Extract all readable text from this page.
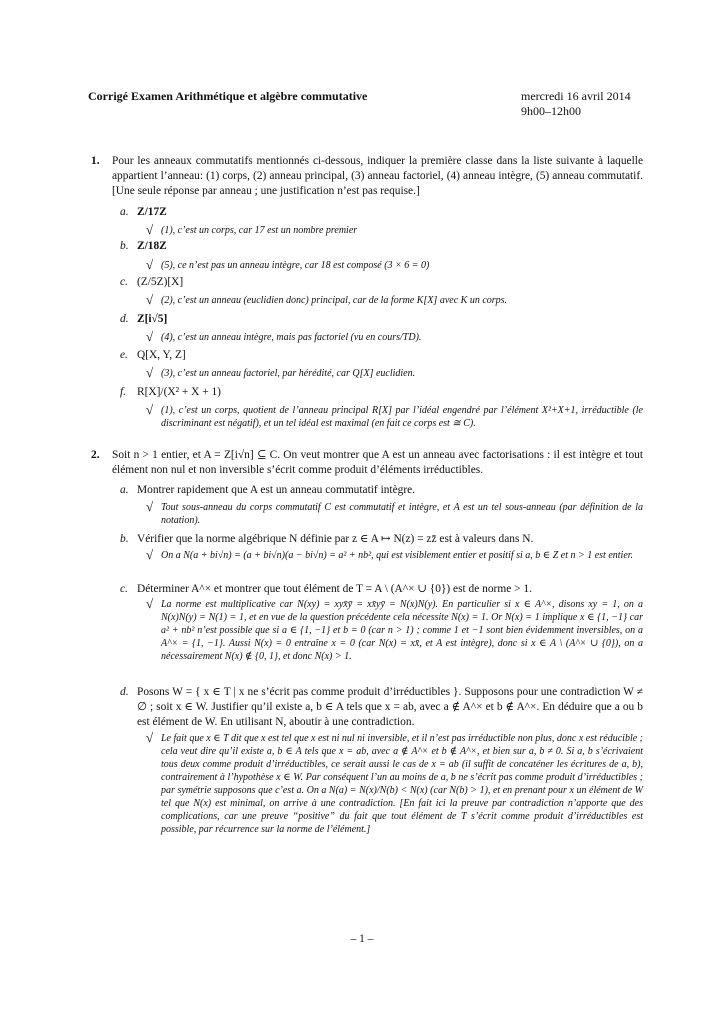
Corrigé Examen Arithmétique et algèbre commutative	mercredi 16 avril 2014
9h00–12h00
1. Pour les anneaux commutatifs mentionnés ci-dessous, indiquer la première classe dans la liste suivante à laquelle appartient l’anneau: (1) corps, (2) anneau principal, (3) anneau factoriel, (4) anneau intègre, (5) anneau commutatif. [Une seule réponse par anneau ; une justification n’est pas requise.]
a. Z/17Z
√ (1), c’est un corps, car 17 est un nombre premier
b. Z/18Z
√ (5), ce n’est pas un anneau intègre, car 18 est composé (3 × 6 = 0)
c. (Z/5Z)[X]
√ (2), c’est un anneau (euclidien donc) principal, car de la forme K[X] avec K un corps.
d. Z[i√5]
√ (4), c’est un anneau intègre, mais pas factoriel (vu en cours/TD).
e. Q[X, Y, Z]
√ (3), c’est un anneau factoriel, par hérédité, car Q[X] euclidien.
f. R[X]/(X² + X + 1)
√ (1), c’est un corps, quotient de l’anneau principal R[X] par l’idéal engendré par l’élément X²+X+1, irréductible (le discriminant est négatif), et un tel idéal est maximal (en fait ce corps est ≅ C).
2. Soit n > 1 entier, et A = Z[i√n] ⊆ C. On veut montrer que A est un anneau avec factorisations : il est intègre et tout élément non nul et non inversible s’écrit comme produit d’éléments irréductibles.
a. Montrer rapidement que A est un anneau commutatif intègre.
√ Tout sous-anneau du corps commutatif C est commutatif et intègre, et A est un tel sous-anneau (par définition de la notation).
b. Vérifier que la norme algébrique N définie par z ∈ A ↦ N(z) = zz̄ est à valeurs dans N.
√ On a N(a + bi√n) = (a + bi√n)(a − bi√n) = a² + nb², qui est visiblement entier et positif si a, b ∈ Z et n > 1 est entier.
c. Déterminer A^× et montrer que tout élément de T = A \ (A^× ∪ {0}) est de norme > 1.
√ La norme est multiplicative car N(xy) = xyx̄ȳ = xx̄yȳ = N(x)N(y). En particulier si x ∈ A^×, disons xy = 1, on a N(x)N(y) = N(1) = 1, et en vue de la question précédente cela nécessite N(x) = 1. Or N(x) = 1 implique x ∈ {1, −1} car a² + nb² n’est possible que si a ∈ {1, −1} et b = 0 (car n > 1) ; comme 1 et −1 sont bien évidemment inversibles, on a A^× = {1, −1}. Aussi N(x) = 0 entraîne x = 0 (car N(x) = xx̄, et A est intègre), donc si x ∈ A \ (A^× ∪ {0}), on a nécessairement N(x) ∉ {0, 1}, et donc N(x) > 1.
d. Posons W = { x ∈ T | x ne s’écrit pas comme produit d’irréductibles }. Supposons pour une contradiction W ≠ ∅ ; soit x ∈ W. Justifier qu’il existe a, b ∈ A tels que x = ab, avec a ∉ A^× et b ∉ A^×. En déduire que a ou b est élément de W. En utilisant N, aboutir à une contradiction.
√ Le fait que x ∈ T dit que x est tel que x est ni nul ni inversible, et il n’est pas irréductible non plus, donc x est réducible ; cela veut dire qu’il existe a, b ∈ A tels que x = ab, avec a ∉ A^× et b ∉ A^×, et bien sur a, b ≠ 0. Si a, b s’écrivaient tous deux comme produit d’irréductibles, ce serait aussi le cas de x = ab (il suffit de concaténer les écritures de a, b), contrairement à l’hypothèse x ∈ W. Par conséquent l’un au moins de a, b ne s’écrit pas comme produit d’irréductibles ; par symétrie supposons que c’est a. On a N(a) = N(x)/N(b) < N(x) (car N(b) > 1), et en prenant pour x un élément de W tel que N(x) est minimal, on arrive à une contradiction. [En fait ici la preuve par contradiction n’apporte que des complications, car une preuve “positive” du fait que tout élément de T s’écrit comme produit d’irréductibles est possible, par récurrence sur la norme de l’élément.]
– 1 –
